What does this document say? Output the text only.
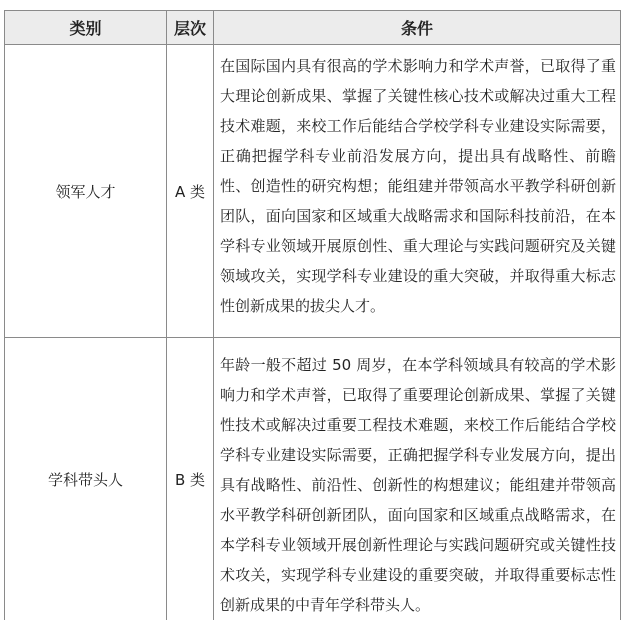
类别	层次	条件
领军人才	A 类	在国际国内具有很高的学术影响力和学术声誉，已取得了重大理论创新成果、掌握了关键性核心技术或解决过重大工程技术难题，来校工作后能结合学校学科专业建设实际需要，正确把握学科专业前沿发展方向，提出具有战略性、前瞻性、创造性的研究构想；能组建并带领高水平教学科研创新团队，面向国家和区域重大战略需求和国际科技前沿，在本学科专业领域开展原创性、重大理论与实践问题研究及关键领域攻关，实现学科专业建设的重大突破，并取得重大标志性创新成果的拔尖人才。
学科带头人	B 类	年龄一般不超过 50 周岁，在本学科领域具有较高的学术影响力和学术声誉，已取得了重要理论创新成果、掌握了关键性技术或解决过重要工程技术难题，来校工作后能结合学校学科专业建设实际需要，正确把握学科专业发展方向，提出具有战略性、前沿性、创新性的构想建议；能组建并带领高水平教学科研创新团队，面向国家和区域重点战略需求，在本学科专业领域开展创新性理论与实践问题研究或关键性技术攻关，实现学科专业建设的重要突破，并取得重要标志性创新成果的中青年学科带头人。
